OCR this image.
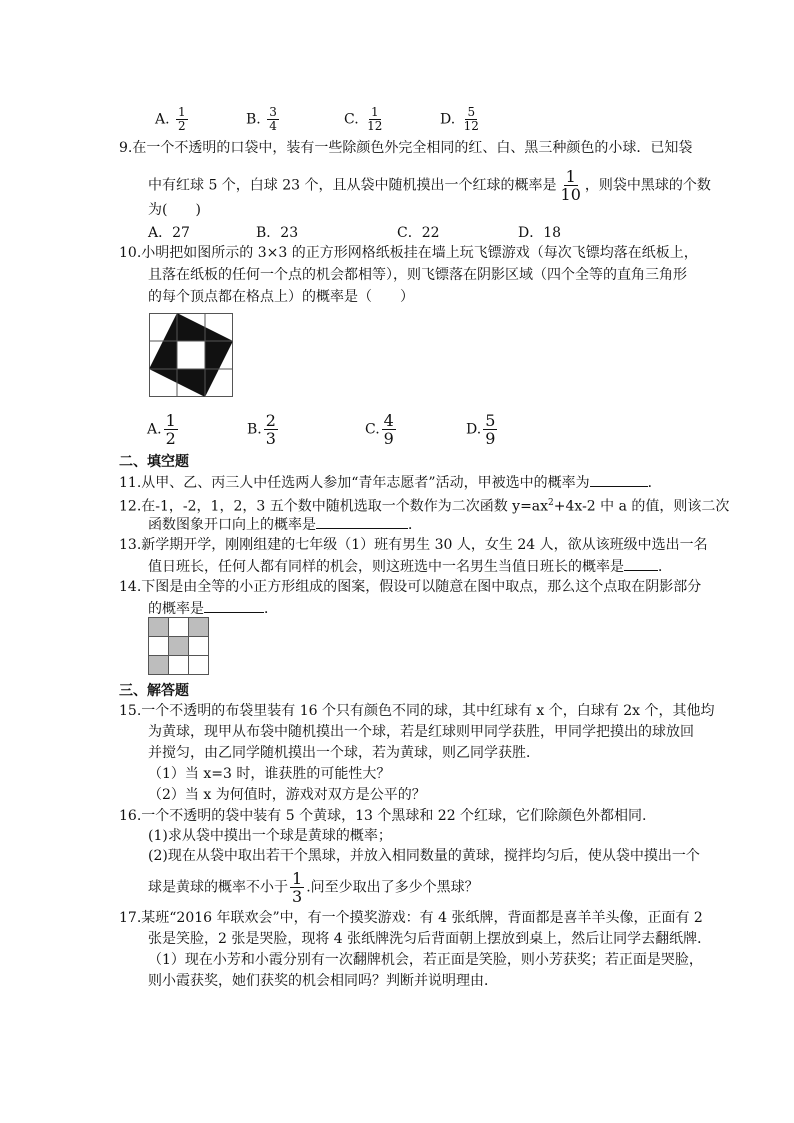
A. $\frac{1}{2}$	B. $\frac{3}{4}$	C. $\frac{1}{12}$	D. $\frac{5}{12}$
9.在一个不透明的口袋中，装有一些除颜色外完全相同的红、白、黑三种颜色的小球．已知袋
中有红球 5 个，白球 23 个，且从袋中随机摸出一个红球的概率是 $\frac{1}{10}$ ，则袋中黑球的个数
为(　　)
A．27	B．23	C．22	D．18
10.小明把如图所示的 3×3 的正方形网格纸板挂在墙上玩飞镖游戏（每次飞镖均落在纸板上，
且落在纸板的任何一个点的机会都相等），则飞镖落在阴影区域（四个全等的直角三角形
的每个顶点都在格点上）的概率是（　　）
A. $\frac{1}{2}$	B. $\frac{2}{3}$	C. $\frac{4}{9}$	D. $\frac{5}{9}$
二、填空题
11.从甲、乙、丙三人中任选两人参加“青年志愿者”活动，甲被选中的概率为	．
12.在-1，-2，1，2，3 五个数中随机选取一个数作为二次函数 $y=ax^2+4x-2$ 中 a 的值，则该二次
函数图象开口向上的概率是	．
13.新学期开学，刚刚组建的七年级（1）班有男生 30 人，女生 24 人，欲从该班级中选出一名
值日班长，任何人都有同样的机会，则这班选中一名男生当值日班长的概率是 ．
14.下图是由全等的小正方形组成的图案，假设可以随意在图中取点，那么这个点取在阴影部分
的概率是	．
三、解答题
15.一个不透明的布袋里装有 16 个只有颜色不同的球，其中红球有 x 个，白球有 2x 个，其他均
为黄球，现甲从布袋中随机摸出一个球，若是红球则甲同学获胜，甲同学把摸出的球放回
并搅匀，由乙同学随机摸出一个球，若为黄球，则乙同学获胜．
（1）当 x=3 时，谁获胜的可能性大？
（2）当 x 为何值时，游戏对双方是公平的？
16.一个不透明的袋中装有 5 个黄球，13 个黑球和 22 个红球，它们除颜色外都相同.
(1)求从袋中摸出一个球是黄球的概率；
(2)现在从袋中取出若干个黑球，并放入相同数量的黄球，搅拌均匀后，使从袋中摸出一个
球是黄球的概率不小于 $\frac{1}{3}$ .问至少取出了多少个黑球？
17.某班“2016 年联欢会”中，有一个摸奖游戏：有 4 张纸牌，背面都是喜羊羊头像，正面有 2
张是笑脸，2 张是哭脸，现将 4 张纸牌洗匀后背面朝上摆放到桌上，然后让同学去翻纸牌．
（1）现在小芳和小霞分别有一次翻牌机会，若正面是笑脸，则小芳获奖；若正面是哭脸，
则小霞获奖，她们获奖的机会相同吗？判断并说明理由．
